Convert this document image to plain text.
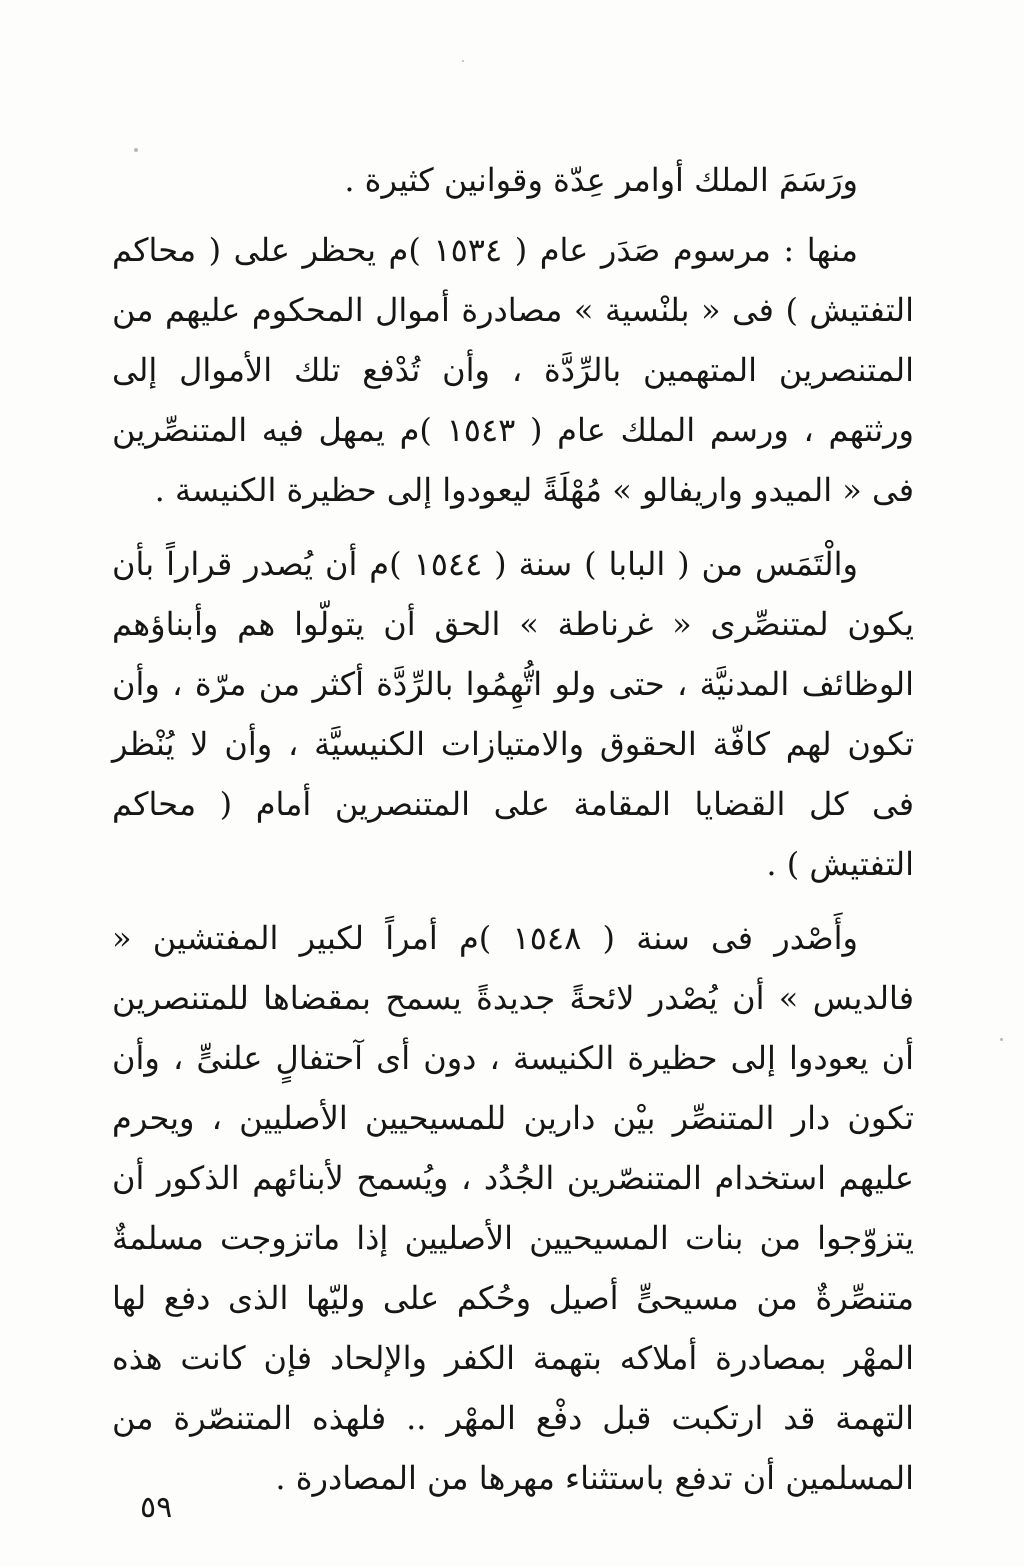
ورَسَمَ الملك أوامر عِدّة وقوانين كثيرة .

منها : مرسوم صَدَر عام ( ١٥٣٤ )م يحظر على ( محاكم التفتيش ) فى « بلنْسية » مصادرة أموال المحكوم عليهم من المتنصرين المتهمين بالرِّدَّة ، وأن تُدْفع تلك الأموال إلى ورثتهم ، ورسم الملك عام ( ١٥٤٣ )م يمهل فيه المتنصِّرين فى « الميدو واريفالو » مُهْلَةً ليعودوا إلى حظيرة الكنيسة .

والْتَمَس من ( البابا ) سنة ( ١٥٤٤ )م أن يُصدر قراراً بأن يكون لمتنصِّرى « غرناطة » الحق أن يتولّوا هم وأبناؤهم الوظائف المدنيَّة ، حتى ولو اتُّهِمُوا بالرِّدَّة أكثر من مرّة ، وأن تكون لهم كافّة الحقوق والامتيازات الكنيسيَّة ، وأن لا يُنْظر فى كل القضايا المقامة على المتنصرين أمام ( محاكم التفتيش ) .

وأَصْدر فى سنة ( ١٥٤٨ )م أمراً لكبير المفتشين « فالديس » أن يُصْدر لائحةً جديدةً يسمح بمقضاها للمتنصرين أن يعودوا إلى حظيرة الكنيسة ، دون أى آحتفالٍ علنىٍّ ، وأن تكون دار المتنصِّر بيْن دارين للمسيحيين الأصليين ، ويحرم عليهم استخدام المتنصّرين الجُدُد ، ويُسمح لأبنائهم الذكور أن يتزوّجوا من بنات المسيحيين الأصليين إذا ماتزوجت مسلمةٌ متنصِّرةٌ من مسيحىٍّ أصيل وحُكم على وليّها الذى دفع لها المهْر بمصادرة أملاكه بتهمة الكفر والإلحاد فإن كانت هذه التهمة قد ارتكبت قبل دفْع المهْر .. فلهذه المتنصّرة من المسلمين أن تدفع باستثناء مهرها من المصادرة .

٥٩
